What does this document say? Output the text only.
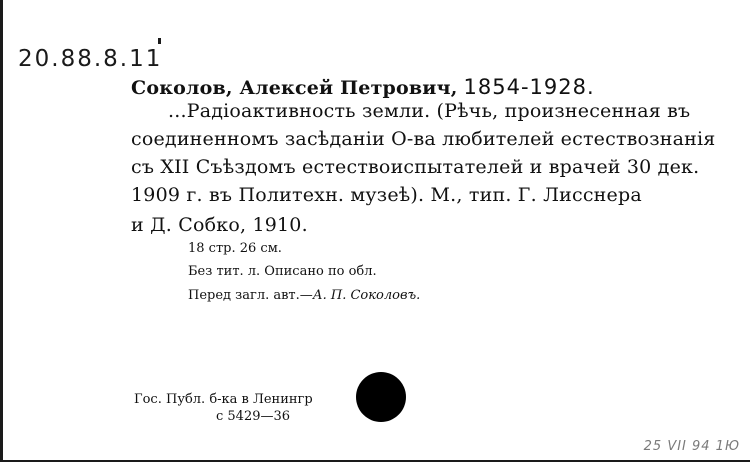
20.88.8.11
Соколов, Алексей Петрович, 1854-1928.
...Радіоактивность земли. (Рѣчь, произнесенная въ
соединенномъ засѣданіи О-ва любителей естествознанія
съ XII Съѣздомъ естествоиспытателей и врачей 30 дек.
1909 г. въ Политехн. музеѣ). М., тип. Г. Лисснера
и Д. Собко, 1910.
18 стр. 26 см.
Без тит. л. Описано по обл.
Перед загл. авт.—А. П. Соколовъ.
Гос. Публ. б-ка в Ленингр
с 5429—36
25 VII 94 1Ю
